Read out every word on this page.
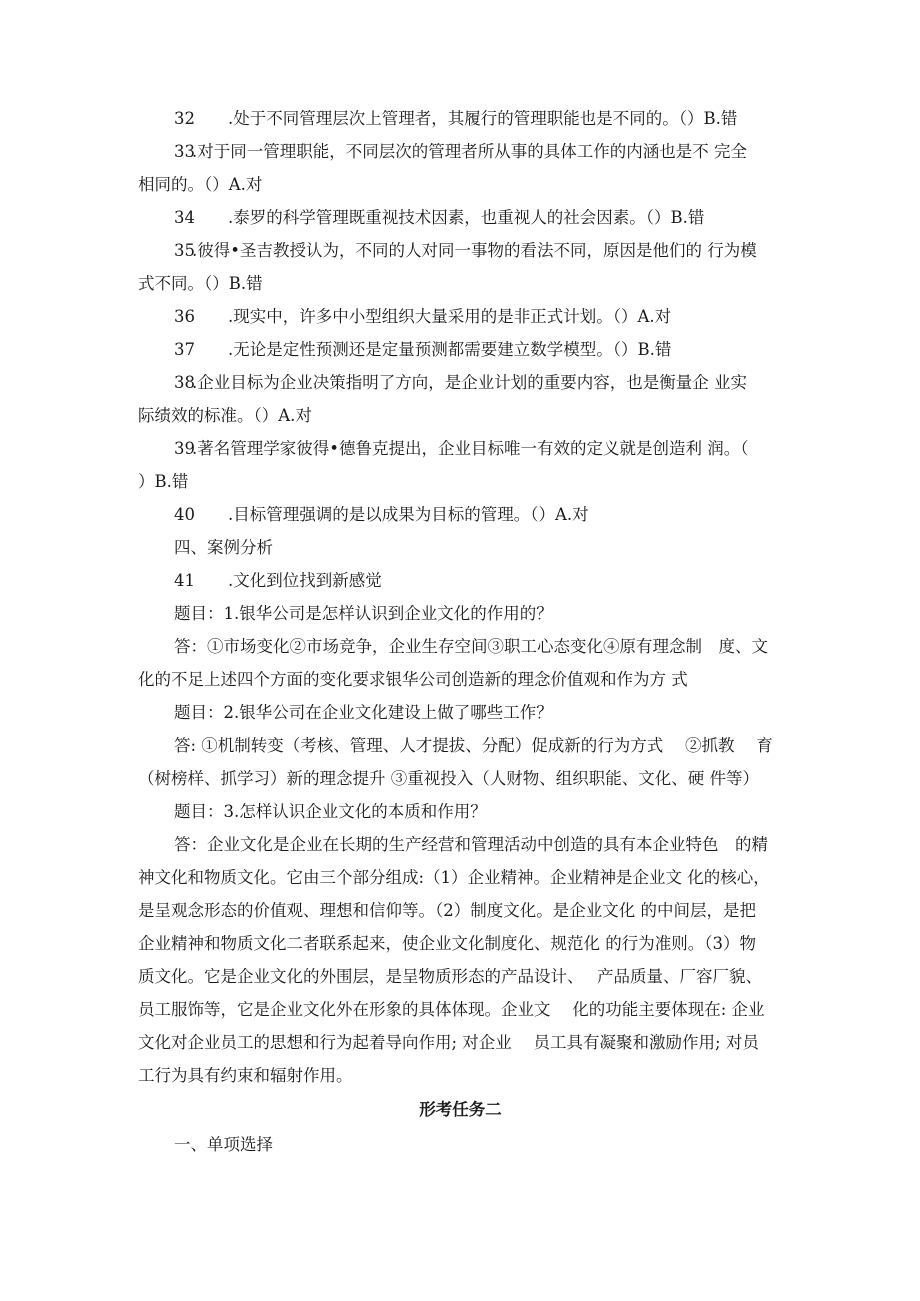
32 .处于不同管理层次上管理者，其履行的管理职能也是不同的。（）B.错
33.对于同一管理职能，不同层次的管理者所从事的具体工作的内涵也是不 完全
相同的。（）A.对
34 .泰罗的科学管理既重视技术因素，也重视人的社会因素。（）B.错
35.彼得•圣吉教授认为，不同的人对同一事物的看法不同，原因是他们的 行为模
式不同。（）B.错
36 .现实中，许多中小型组织大量采用的是非正式计划。（）A.对
37 .无论是定性预测还是定量预测都需要建立数学模型。（）B.错
38.企业目标为企业决策指明了方向，是企业计划的重要内容，也是衡量企 业实
际绩效的标准。（）A.对
39.著名管理学家彼得•德鲁克提出，企业目标唯一有效的定义就是创造利 润。（
）B.错
40 .目标管理强调的是以成果为目标的管理。（）A.对
四、案例分析
41 .文化到位找到新感觉
题目：1.银华公司是怎样认识到企业文化的作用的？
答：①市场变化②市场竞争，企业生存空间③职工心态变化④原有理念制　度、文
化的不足上述四个方面的变化要求银华公司创造新的理念价值观和作为方 式
题目：2.银华公司在企业文化建设上做了哪些工作？
答: ①机制转变（考核、管理、人才提拔、分配）促成新的行为方式　 ②抓教　 育
（树榜样、抓学习）新的理念提升 ③重视投入（人财物、组织职能、文化、硬 件等）
题目：3.怎样认识企业文化的本质和作用？
答：企业文化是企业在长期的生产经营和管理活动中创造的具有本企业特色　的精
神文化和物质文化。它由三个部分组成:（1）企业精神。企业精神是企业文 化的核心，
是呈观念形态的价值观、理想和信仰等。（2）制度文化。是企业文化 的中间层，是把
企业精神和物质文化二者联系起来，使企业文化制度化、规范化 的行为准则。（3）物
质文化。它是企业文化的外围层，是呈物质形态的产品设计、　 产品质量、厂容厂貌、
员工服饰等，它是企业文化外在形象的具体体现。企业文　 化的功能主要体现在: 企业
文化对企业员工的思想和行为起着导向作用; 对企业　 员工具有凝聚和激励作用; 对员
工行为具有约束和辐射作用。
形考任务二
一、单项选择
